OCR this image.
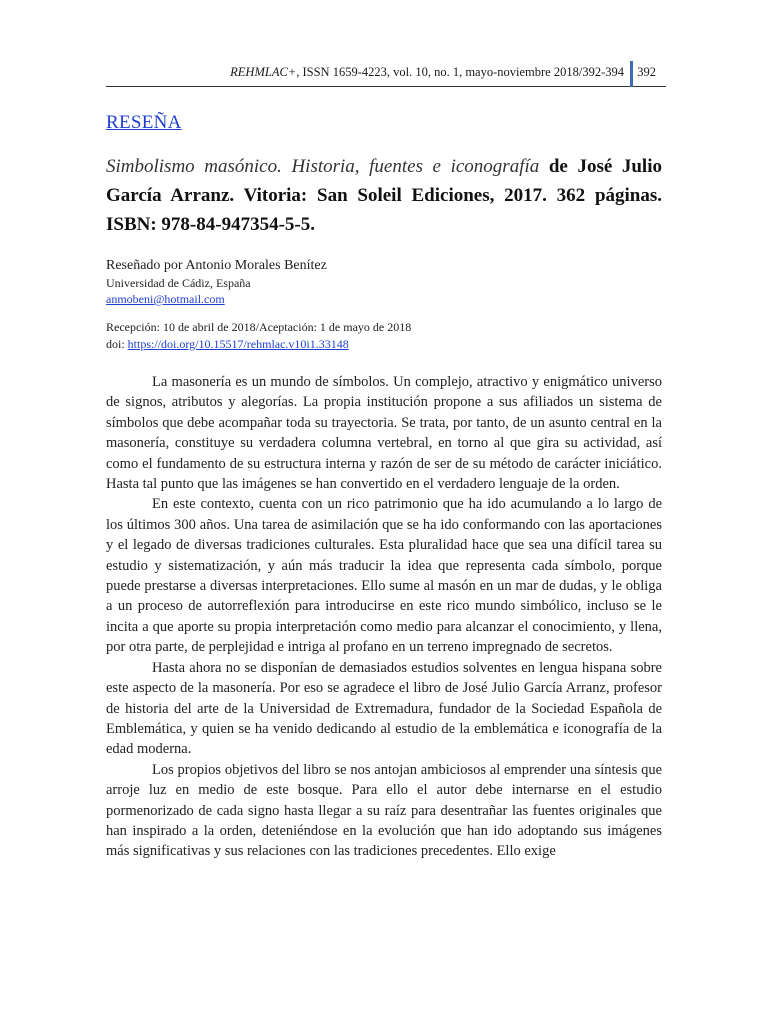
REHMLAC+, ISSN 1659-4223, vol. 10, no. 1, mayo-noviembre 2018/392-394 392
RESEÑA
Simbolismo masónico. Historia, fuentes e iconografía de José Julio García Arranz. Vitoria: San Soleil Ediciones, 2017. 362 páginas. ISBN: 978-84-947354-5-5.
Reseñado por Antonio Morales Benítez
Universidad de Cádiz, España
anmobeni@hotmail.com
Recepción: 10 de abril de 2018/Aceptación: 1 de mayo de 2018
doi: https://doi.org/10.15517/rehmlac.v10i1.33148

La masonería es un mundo de símbolos. Un complejo, atractivo y enigmático universo de signos, atributos y alegorías. La propia institución propone a sus afiliados un sistema de símbolos que debe acompañar toda su trayectoria. Se trata, por tanto, de un asunto central en la masonería, constituye su verdadera columna vertebral, en torno al que gira su actividad, así como el fundamento de su estructura interna y razón de ser de su método de carácter iniciático. Hasta tal punto que las imágenes se han convertido en el verdadero lenguaje de la orden.

En este contexto, cuenta con un rico patrimonio que ha ido acumulando a lo largo de los últimos 300 años. Una tarea de asimilación que se ha ido conformando con las aportaciones y el legado de diversas tradiciones culturales. Esta pluralidad hace que sea una difícil tarea su estudio y sistematización, y aún más traducir la idea que representa cada símbolo, porque puede prestarse a diversas interpretaciones. Ello sume al masón en un mar de dudas, y le obliga a un proceso de autorreflexión para introducirse en este rico mundo simbólico, incluso se le incita a que aporte su propia interpretación como medio para alcanzar el conocimiento, y llena, por otra parte, de perplejidad e intriga al profano en un terreno impregnado de secretos.

Hasta ahora no se disponían de demasiados estudios solventes en lengua hispana sobre este aspecto de la masonería. Por eso se agradece el libro de José Julio García Arranz, profesor de historia del arte de la Universidad de Extremadura, fundador de la Sociedad Española de Emblemática, y quien se ha venido dedicando al estudio de la emblemática e iconografía de la edad moderna.

Los propios objetivos del libro se nos antojan ambiciosos al emprender una síntesis que arroje luz en medio de este bosque. Para ello el autor debe internarse en el estudio pormenorizado de cada signo hasta llegar a su raíz para desentrañar las fuentes originales que han inspirado a la orden, deteniéndose en la evolución que han ido adoptando sus imágenes más significativas y sus relaciones con las tradiciones precedentes. Ello exige
